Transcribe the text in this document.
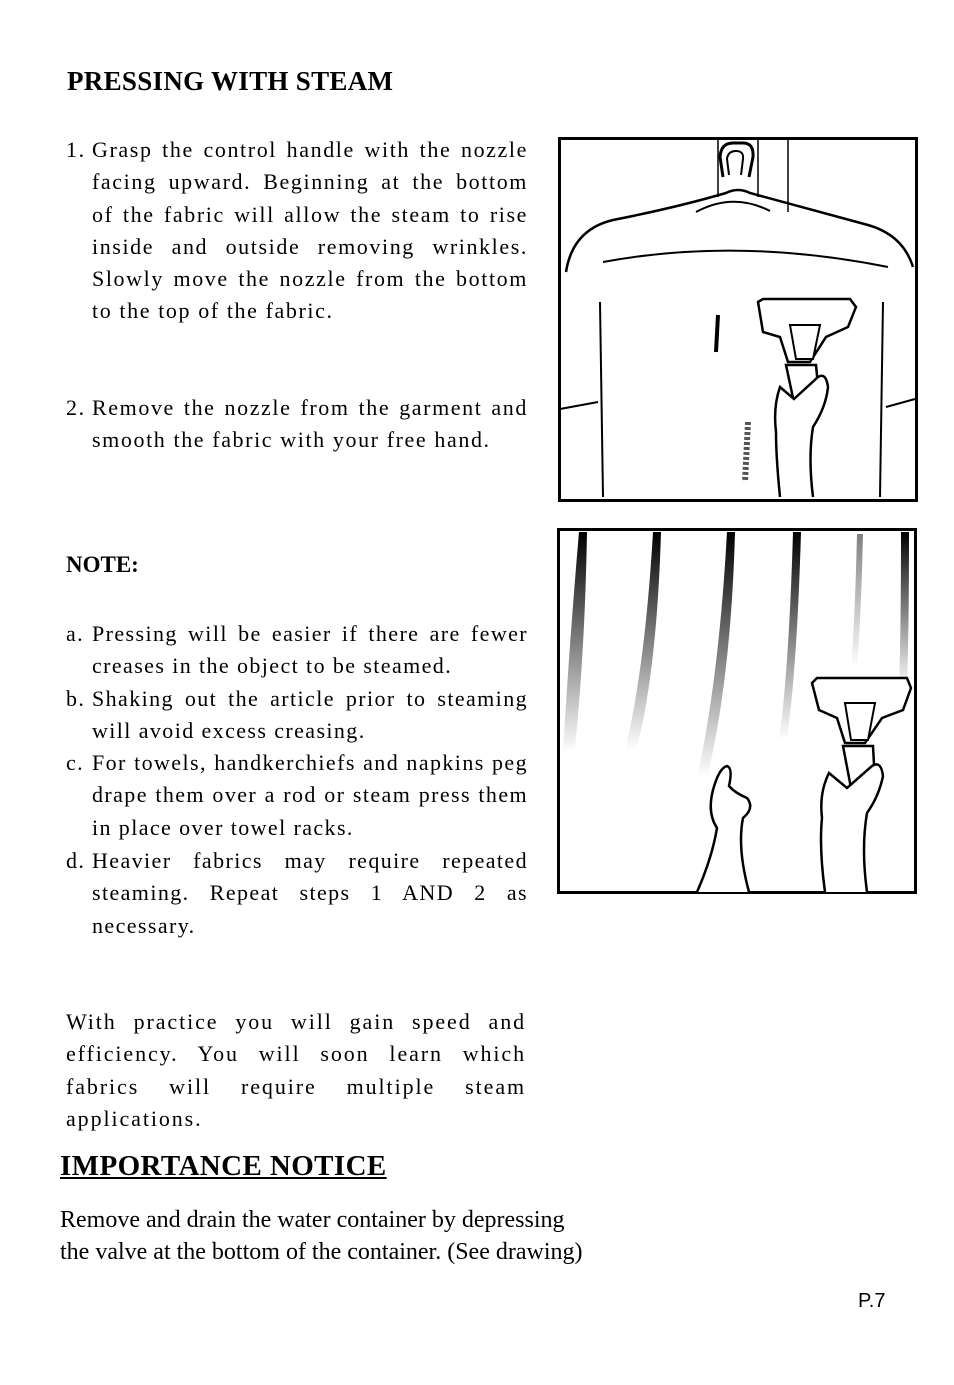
PRESSING WITH STEAM
1. Grasp the control handle with the nozzle facing upward. Beginning at the bottom of the fabric will allow the steam to rise inside and outside removing wrinkles. Slowly move the nozzle from the bottom to the top of the fabric.
2. Remove the nozzle from the garment and smooth the fabric with your free hand.
NOTE:
a. Pressing will be easier if there are fewer creases in the object to be steamed.
b. Shaking out the article prior to steaming will avoid excess creasing.
c. For towels, handkerchiefs and napkins peg drape them over a rod or steam press them in place over towel racks.
d. Heavier fabrics may require repeated steaming. Repeat steps 1 AND 2 as necessary.
With practice you will gain speed and efficiency. You will soon learn which fabrics will require multiple steam applications.
IMPORTANCE NOTICE
Remove and drain the water container by depressing
the valve at the bottom of the container. (See drawing)
P.7
